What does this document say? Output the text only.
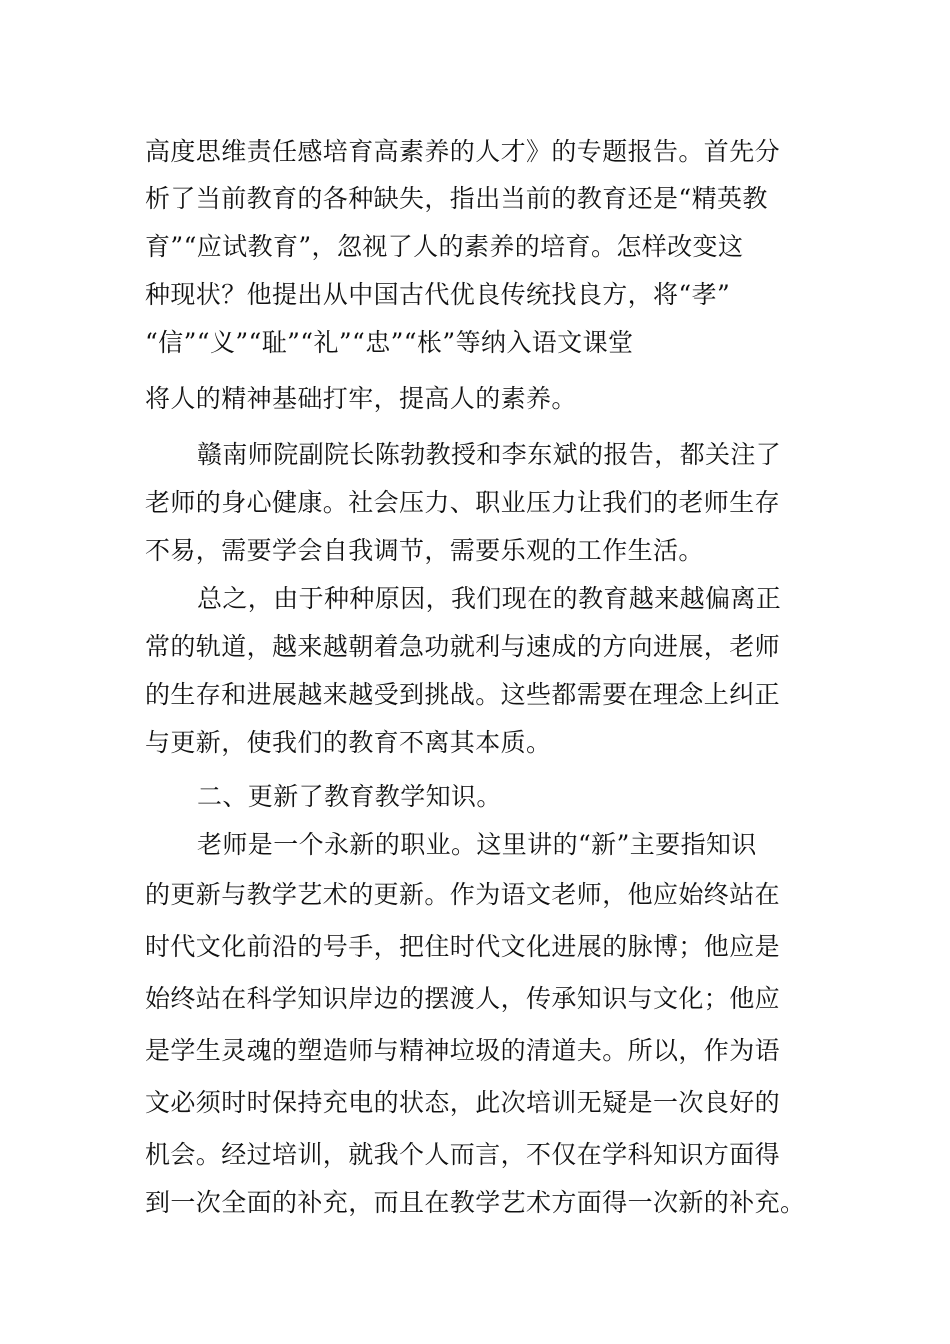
高度思维责任感培育高素养的人才》的专题报告。首先分
析了当前教育的各种缺失，指出当前的教育还是“精英教
育”“应试教育”，忽视了人的素养的培育。怎样改变这
种现状？他提出从中国古代优良传统找良方，将“孝”
“信”“义”“耻”“礼”“忠”“枨”等纳入语文课堂
将人的精神基础打牢，提高人的素养。
赣南师院副院长陈勃教授和李东斌的报告，都关注了
老师的身心健康。社会压力、职业压力让我们的老师生存
不易，需要学会自我调节，需要乐观的工作生活。
总之，由于种种原因，我们现在的教育越来越偏离正
常的轨道，越来越朝着急功就利与速成的方向进展，老师
的生存和进展越来越受到挑战。这些都需要在理念上纠正
与更新，使我们的教育不离其本质。
二、更新了教育教学知识。
老师是一个永新的职业。这里讲的“新”主要指知识
的更新与教学艺术的更新。作为语文老师，他应始终站在
时代文化前沿的号手，把住时代文化进展的脉博；他应是
始终站在科学知识岸边的摆渡人，传承知识与文化；他应
是学生灵魂的塑造师与精神垃圾的清道夫。所以，作为语
文必须时时保持充电的状态，此次培训无疑是一次良好的
机会。经过培训，就我个人而言，不仅在学科知识方面得
到一次全面的补充，而且在教学艺术方面得一次新的补充。
